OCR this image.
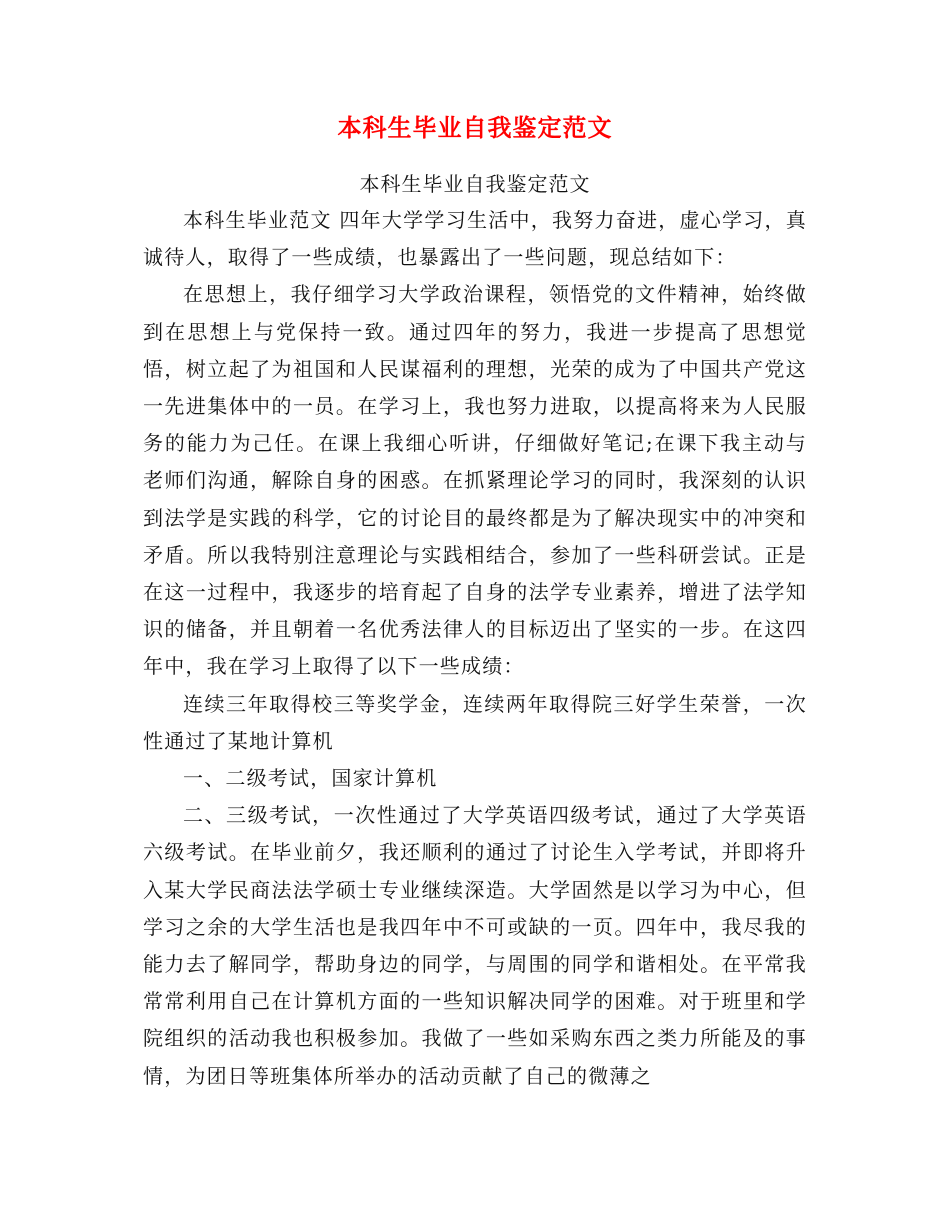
本科生毕业自我鉴定范文
本科生毕业自我鉴定范文

本科生毕业范文 四年大学学习生活中，我努力奋进，虚心学习，真诚待人，取得了一些成绩，也暴露出了一些问题，现总结如下：

在思想上，我仔细学习大学政治课程，领悟党的文件精神，始终做到在思想上与党保持一致。通过四年的努力，我进一步提高了思想觉悟，树立起了为祖国和人民谋福利的理想，光荣的成为了中国共产党这一先进集体中的一员。在学习上，我也努力进取，以提高将来为人民服务的能力为己任。在课上我细心听讲，仔细做好笔记;在课下我主动与老师们沟通，解除自身的困惑。在抓紧理论学习的同时，我深刻的认识到法学是实践的科学，它的讨论目的最终都是为了解决现实中的冲突和矛盾。所以我特别注意理论与实践相结合，参加了一些科研尝试。正是在这一过程中，我逐步的培育起了自身的法学专业素养，增进了法学知识的储备，并且朝着一名优秀法律人的目标迈出了坚实的一步。在这四年中，我在学习上取得了以下一些成绩：

连续三年取得校三等奖学金，连续两年取得院三好学生荣誉，一次性通过了某地计算机

一、二级考试，国家计算机

二、三级考试，一次性通过了大学英语四级考试，通过了大学英语六级考试。在毕业前夕，我还顺利的通过了讨论生入学考试，并即将升入某大学民商法法学硕士专业继续深造。大学固然是以学习为中心，但学习之余的大学生活也是我四年中不可或缺的一页。四年中，我尽我的能力去了解同学，帮助身边的同学，与周围的同学和谐相处。在平常我常常利用自己在计算机方面的一些知识解决同学的困难。对于班里和学院组织的活动我也积极参加。我做了一些如采购东西之类力所能及的事情，为团日等班集体所举办的活动贡献了自己的微薄之
